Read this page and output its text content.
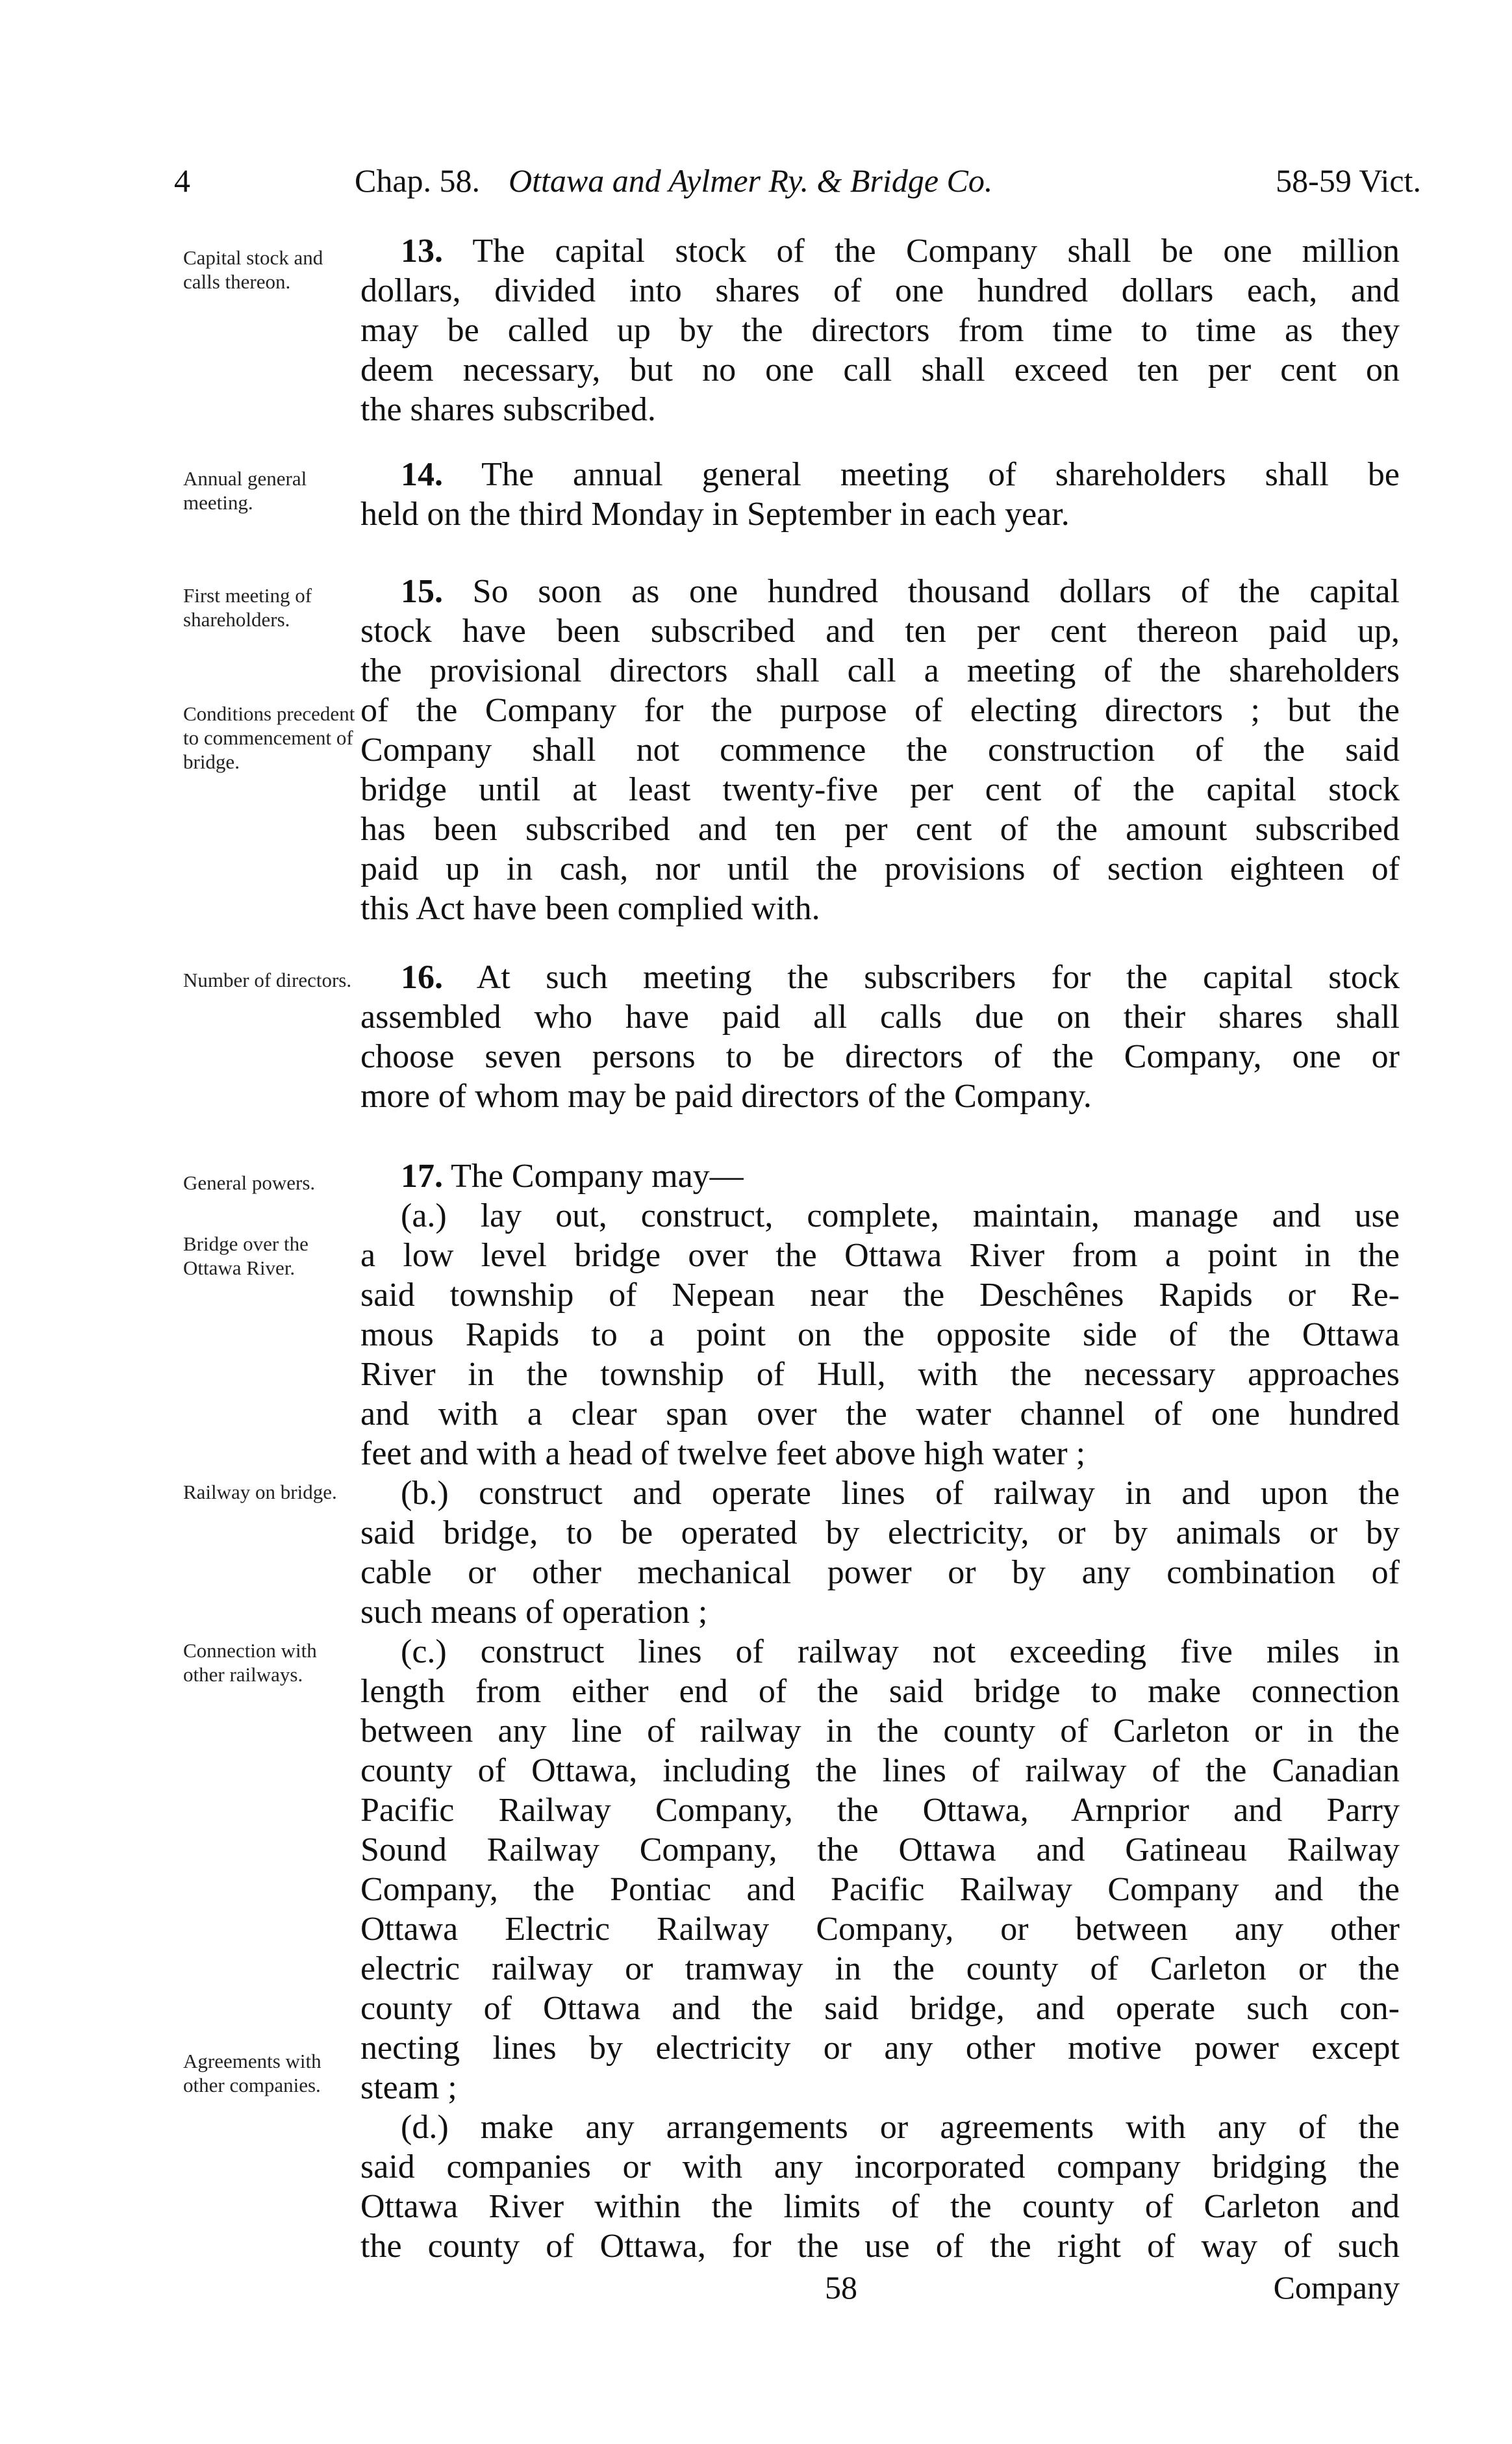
4	Chap. 58. Ottawa and Aylmer Ry. & Bridge Co.	58-59 Vict.
Capital stock and calls thereon.
Annual general meeting.
First meeting of shareholders.
Conditions precedent to commencement of bridge.
Number of directors.
General powers.
Bridge over the Ottawa River.
Railway on bridge.
Connection with other railways.
Agreements with other companies.
13. The capital stock of the Company shall be one million
dollars, divided into shares of one hundred dollars each, and
may be called up by the directors from time to time as they
deem necessary, but no one call shall exceed ten per cent on
the shares subscribed.
14. The annual general meeting of shareholders shall be
held on the third Monday in September in each year.
15. So soon as one hundred thousand dollars of the capital
stock have been subscribed and ten per cent thereon paid up,
the provisional directors shall call a meeting of the shareholders
of the Company for the purpose of electing directors ; but the
Company shall not commence the construction of the said
bridge until at least twenty-five per cent of the capital stock
has been subscribed and ten per cent of the amount subscribed
paid up in cash, nor until the provisions of section eighteen of
this Act have been complied with.
16. At such meeting the subscribers for the capital stock
assembled who have paid all calls due on their shares shall
choose seven persons to be directors of the Company, one or
more of whom may be paid directors of the Company.
17. The Company may—
(a.) lay out, construct, complete, maintain, manage and use
a low level bridge over the Ottawa River from a point in the
said township of Nepean near the Deschênes Rapids or Re-
mous Rapids to a point on the opposite side of the Ottawa
River in the township of Hull, with the necessary approaches
and with a clear span over the water channel of one hundred
feet and with a head of twelve feet above high water ;
(b.) construct and operate lines of railway in and upon the
said bridge, to be operated by electricity, or by animals or by
cable or other mechanical power or by any combination of
such means of operation ;
(c.) construct lines of railway not exceeding five miles in
length from either end of the said bridge to make connection
between any line of railway in the county of Carleton or in the
county of Ottawa, including the lines of railway of the Canadian
Pacific Railway Company, the Ottawa, Arnprior and Parry
Sound Railway Company, the Ottawa and Gatineau Railway
Company, the Pontiac and Pacific Railway Company and the
Ottawa Electric Railway Company, or between any other
electric railway or tramway in the county of Carleton or the
county of Ottawa and the said bridge, and operate such con-
necting lines by electricity or any other motive power except
steam ;
(d.) make any arrangements or agreements with any of the
said companies or with any incorporated company bridging the
Ottawa River within the limits of the county of Carleton and
the county of Ottawa, for the use of the right of way of such
58	Company
